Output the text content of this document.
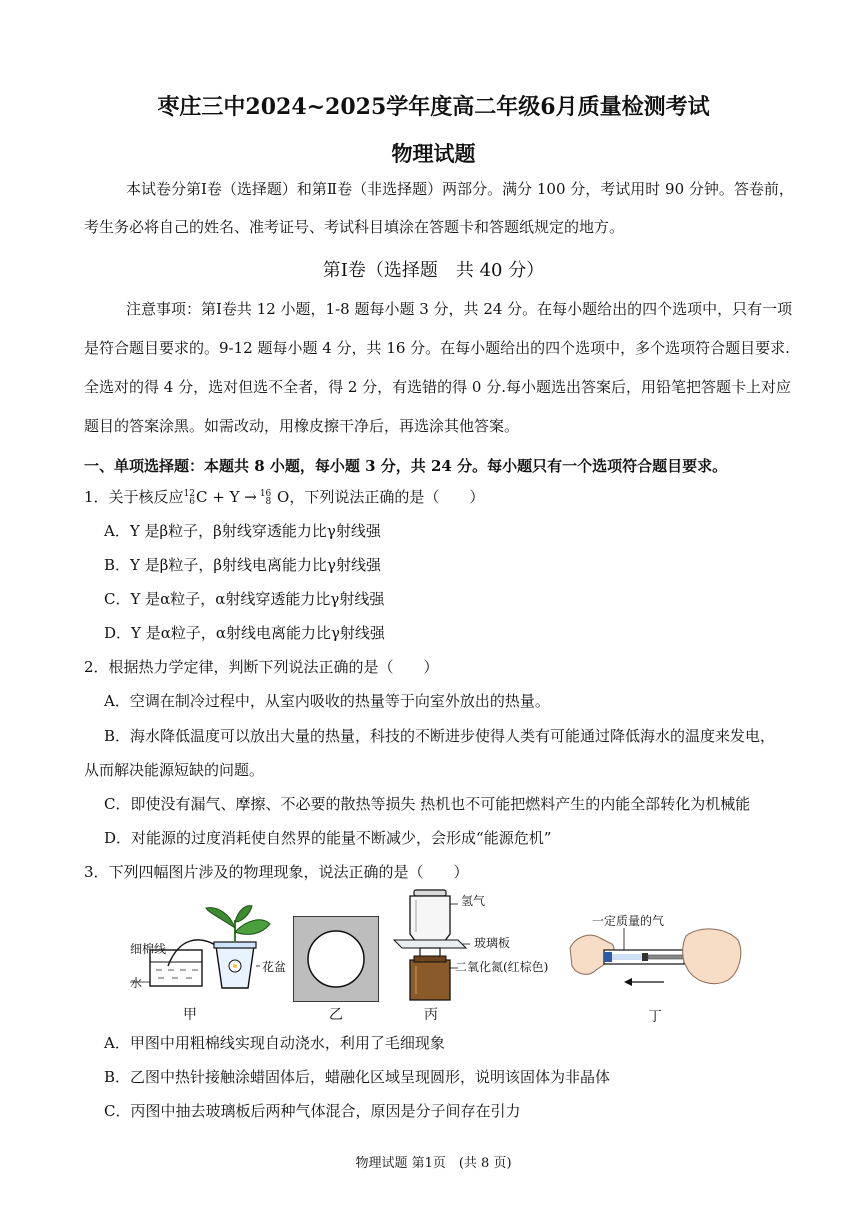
枣庄三中2024~2025学年度高二年级6月质量检测考试
物理试题
本试卷分第Ⅰ卷（选择题）和第Ⅱ卷（非选择题）两部分。满分 100 分，考试用时 90 分钟。答卷前，
考生务必将自己的姓名、准考证号、考试科目填涂在答题卡和答题纸规定的地方。
第Ⅰ卷（选择题　共 40 分）
注意事项：第Ⅰ卷共 12 小题，1-8 题每小题 3 分，共 24 分。在每小题给出的四个选项中，只有一项
是符合题目要求的。9-12 题每小题 4 分，共 16 分。在每小题给出的四个选项中，多个选项符合题目要求.
全选对的得 4 分，选对但选不全者，得 2 分，有选错的得 0 分.每小题选出答案后，用铅笔把答题卡上对应
题目的答案涂黑。如需改动，用橡皮擦干净后，再选涂其他答案。
一、单项选择题：本题共 8 小题，每小题 3 分，共 24 分。每小题只有一个选项符合题目要求。
1．关于核反应12
6C + Y → 16
8 O，下列说法正确的是（　　）
A．Y 是β粒子，β射线穿透能力比γ射线强
B．Y 是β粒子，β射线电离能力比γ射线强
C．Y 是α粒子，α射线穿透能力比γ射线强
D．Y 是α粒子，α射线电离能力比γ射线强
2．根据热力学定律，判断下列说法正确的是（　　）
A．空调在制冷过程中，从室内吸收的热量等于向室外放出的热量。
B．海水降低温度可以放出大量的热量，科技的不断进步使得人类有可能通过降低海水的温度来发电，
从而解决能源短缺的问题。
C．即使没有漏气、摩擦、不必要的散热等损失 热机也不可能把燃料产生的内能全部转化为机械能
D．对能源的过度消耗使自然界的能量不断减少，会形成“能源危机”
3．下列四幅图片涉及的物理现象，说法正确的是（　　）
细棉线
水
花盆
甲	乙
氢气
玻璃板
二氧化氮(红棕色)
丙
一定质量的气
丁
A．甲图中用粗棉线实现自动浇水，利用了毛细现象
B．乙图中热针接触涂蜡固体后，蜡融化区域呈现圆形，说明该固体为非晶体
C．丙图中抽去玻璃板后两种气体混合，原因是分子间存在引力
物理试题 第1页　(共 8 页)
